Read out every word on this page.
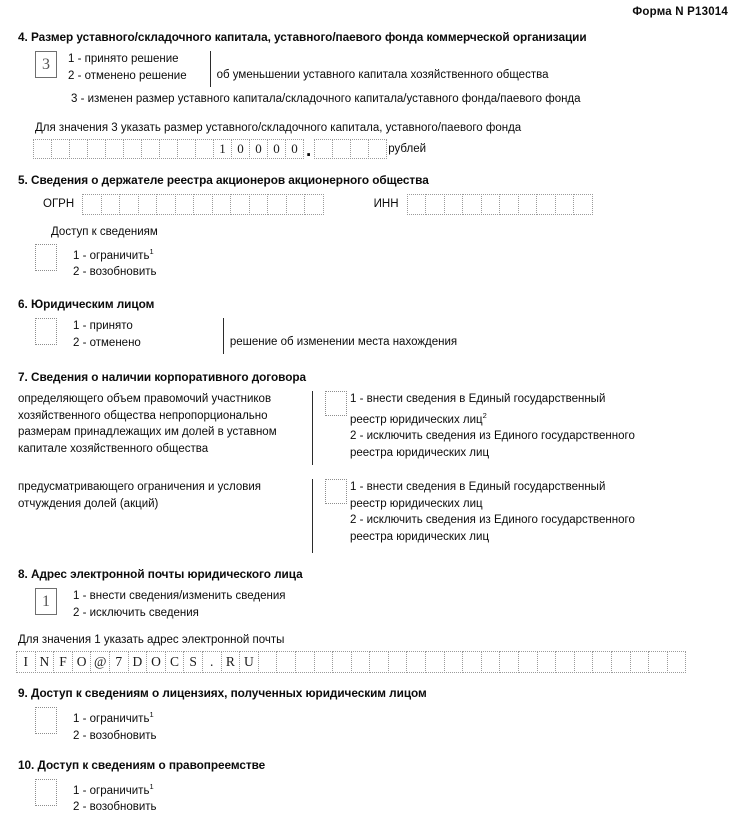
Форма N Р13014
4. Размер уставного/складочного капитала, уставного/паевого фонда коммерческой организации
3	1 - принято решение
2 - отменено решение	об уменьшении уставного капитала хозяйственного общества
3 - изменен размер уставного капитала/складочного капитала/уставного фонда/паевого фонда
Для значения 3 указать размер уставного/складочного капитала, уставного/паевого фонда
1 0 0 0 0 .	рублей
5. Сведения о держателе реестра акционеров акционерного общества
ОГРН	ИНН
Доступ к сведениям
1 - ограничить$^1$
2 - возобновить
6. Юридическим лицом
1 - принято
2 - отменено	решение об изменении места нахождения
7. Сведения о наличии корпоративного договора
определяющего объем правомочий участников
хозяйственного общества непропорционально
размерам принадлежащих им долей в уставном
капитале хозяйственного общества
1 - внести сведения в Единый государственный
реестр юридических лиц$^2$
2 - исключить сведения из Единого государственного
реестра юридических лиц
предусматривающего ограничения и условия
отчуждения долей (акций)
1 - внести сведения в Единый государственный
реестр юридических лиц
2 - исключить сведения из Единого государственного
реестра юридических лиц
8. Адрес электронной почты юридического лица
1	1 - внести сведения/изменить сведения
2 - исключить сведения
Для значения 1 указать адрес электронной почты
I N F O @ 7 D O C S . R U
9. Доступ к сведениям о лицензиях, полученных юридическим лицом
1 - ограничить$^1$
2 - возобновить
10. Доступ к сведениям о правопреемстве
1 - ограничить$^1$
2 - возобновить
